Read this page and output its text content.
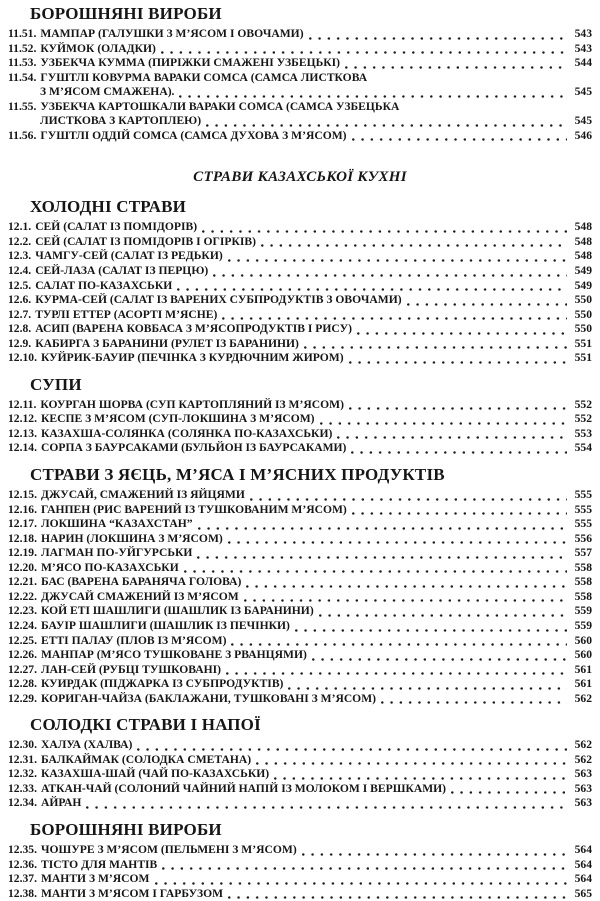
БОРОШНЯНІ ВИРОБИ
11.51. МАМПАР (ГАЛУШКИ З М’ЯСОМ І ОВОЧАМИ)	543
11.52. КУЙМОК (ОЛАДКИ)	543
11.53. УЗБЕКЧА КУММА (ПИРІЖКИ СМАЖЕНІ УЗБЕЦЬКІ)	544
11.54. ГУШТЛІ КОВУРМА ВАРАКИ СОМСА (САМСА ЛИСТКОВА
З М’ЯСОМ СМАЖЕНА).	545
11.55. УЗБЕКЧА КАРТОШКАЛИ ВАРАКИ СОМСА (САМСА УЗБЕЦЬКА
ЛИСТКОВА З КАРТОПЛЕЮ)	545
11.56. ГУШТЛІ ОДДІЙ СОМСА (САМСА ДУХОВА З М’ЯСОМ)	546
СТРАВИ КАЗАХСЬКОЇ КУХНІ
ХОЛОДНІ СТРАВИ
12.1. СЕЙ (САЛАТ ІЗ ПОМІДОРІВ)	548
12.2. СЕЙ (САЛАТ ІЗ ПОМІДОРІВ І ОГІРКІВ)	548
12.3. ЧАМГУ-СЕЙ (САЛАТ ІЗ РЕДЬКИ)	548
12.4. СЕЙ-ЛАЗА (САЛАТ ІЗ ПЕРЦЮ)	549
12.5. САЛАТ ПО-КАЗАХСЬКИ	549
12.6. КУРМА-СЕЙ (САЛАТ ІЗ ВАРЕНИХ СУБПРОДУКТІВ З ОВОЧАМИ)	550
12.7. ТУРЛІ ЕТТЕР (АСОРТІ М’ЯСНЕ)	550
12.8. АСИП (ВАРЕНА КОВБАСА З М’ЯСОПРОДУКТІВ І РИСУ)	550
12.9. КАБИРГА З БАРАНИНИ (РУЛЕТ ІЗ БАРАНИНИ)	551
12.10. КУЙРИК-БАУИР (ПЕЧІНКА З КУРДЮЧНИМ ЖИРОМ)	551
СУПИ
12.11. КОУРГАН ШОРВА (СУП КАРТОПЛЯНИЙ ІЗ М’ЯСОМ)	552
12.12. КЕСПЕ З М’ЯСОМ (СУП-ЛОКШИНА З М’ЯСОМ)	552
12.13. КАЗАХША-СОЛЯНКА (СОЛЯНКА ПО-КАЗАХСЬКИ)	553
12.14. СОРПА З БАУРСАКАМИ (БУЛЬЙОН ІЗ БАУРСАКАМИ)	554
СТРАВИ З ЯЄЦЬ, М’ЯСА І М’ЯСНИХ ПРОДУКТІВ
12.15. ДЖУСАЙ, СМАЖЕНИЙ ІЗ ЯЙЦЯМИ	555
12.16. ГАНПЕН (РИС ВАРЕНИЙ ІЗ ТУШКОВАНИМ М’ЯСОМ)	555
12.17. ЛОКШИНА “КАЗАХСТАН”	555
12.18. НАРИН (ЛОКШИНА З М’ЯСОМ)	556
12.19. ЛАГМАН ПО-УЙГУРСЬКИ	557
12.20. М’ЯСО ПО-КАЗАХСЬКИ	558
12.21. БАС (ВАРЕНА БАРАНЯЧА ГОЛОВА)	558
12.22. ДЖУСАЙ СМАЖЕНИЙ ІЗ М’ЯСОМ	558
12.23. КОЙ ЕТІ ШАШЛИГИ (ШАШЛИК ІЗ БАРАНИНИ)	559
12.24. БАУІР ШАШЛИГИ (ШАШЛИК ІЗ ПЕЧІНКИ)	559
12.25. ЕТТІ ПАЛАУ (ПЛОВ ІЗ М’ЯСОМ)	560
12.26. МАНПАР (М’ЯСО ТУШКОВАНЕ З РВАНЦЯМИ)	560
12.27. ЛАН-СЕЙ (РУБЦІ ТУШКОВАНІ)	561
12.28. КУИРДАК (ПІДЖАРКА ІЗ СУБПРОДУКТІВ)	561
12.29. КОРИГАН-ЧАЙЗА (БАКЛАЖАНИ, ТУШКОВАНІ З М’ЯСОМ)	562
СОЛОДКІ СТРАВИ І НАПОЇ
12.30. ХАЛУА (ХАЛВА)	562
12.31. БАЛКАЙМАК (СОЛОДКА СМЕТАНА)	562
12.32. КАЗАХША-ШАЙ (ЧАЙ ПО-КАЗАХСЬКИ)	563
12.33. АТКАН-ЧАЙ (СОЛОНИЙ ЧАЙНИЙ НАПІЙ ІЗ МОЛОКОМ І ВЕРШКАМИ)	563
12.34. АЙРАН	563
БОРОШНЯНІ ВИРОБИ
12.35. ЧОШУРЕ З М’ЯСОМ (ПЕЛЬМЕНІ З М’ЯСОМ)	564
12.36. ТІСТО ДЛЯ МАНТІВ	564
12.37. МАНТИ З М’ЯСОМ	564
12.38. МАНТИ З М’ЯСОМ І ГАРБУЗОМ	565
